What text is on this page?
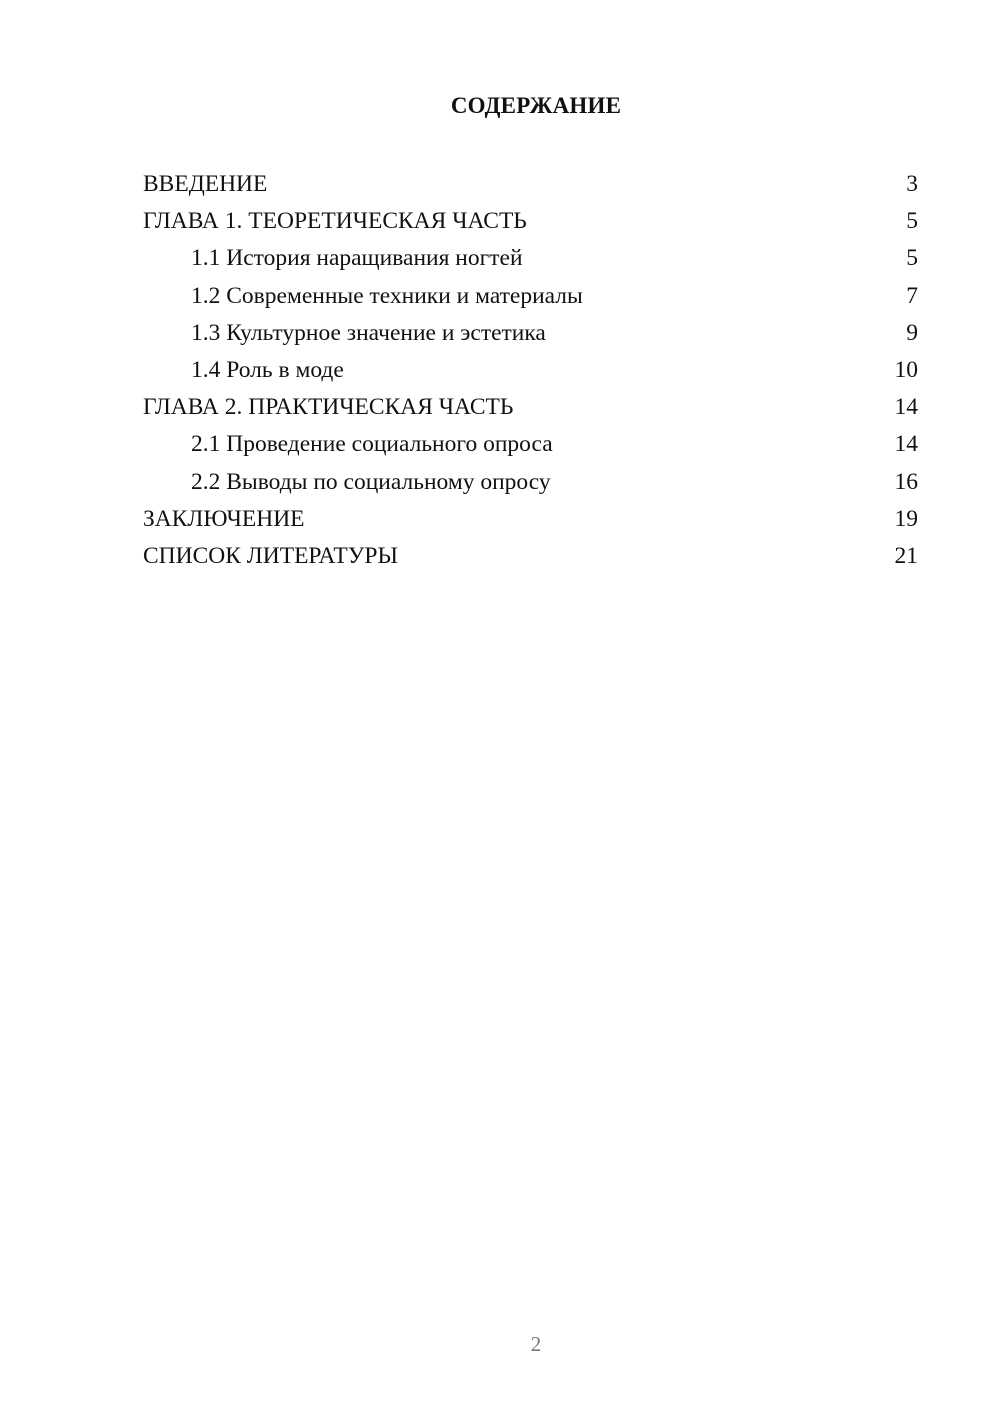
СОДЕРЖАНИЕ
ВВЕДЕНИЕ	3
ГЛАВА 1. ТЕОРЕТИЧЕСКАЯ ЧАСТЬ	5
1.1 История наращивания ногтей	5
1.2 Современные техники и материалы	7
1.3 Культурное значение и эстетика	9
1.4 Роль в моде	10
ГЛАВА 2. ПРАКТИЧЕСКАЯ ЧАСТЬ	14
2.1 Проведение социального опроса	14
2.2 Выводы по социальному опросу	16
ЗАКЛЮЧЕНИЕ	19
СПИСОК ЛИТЕРАТУРЫ	21
2
